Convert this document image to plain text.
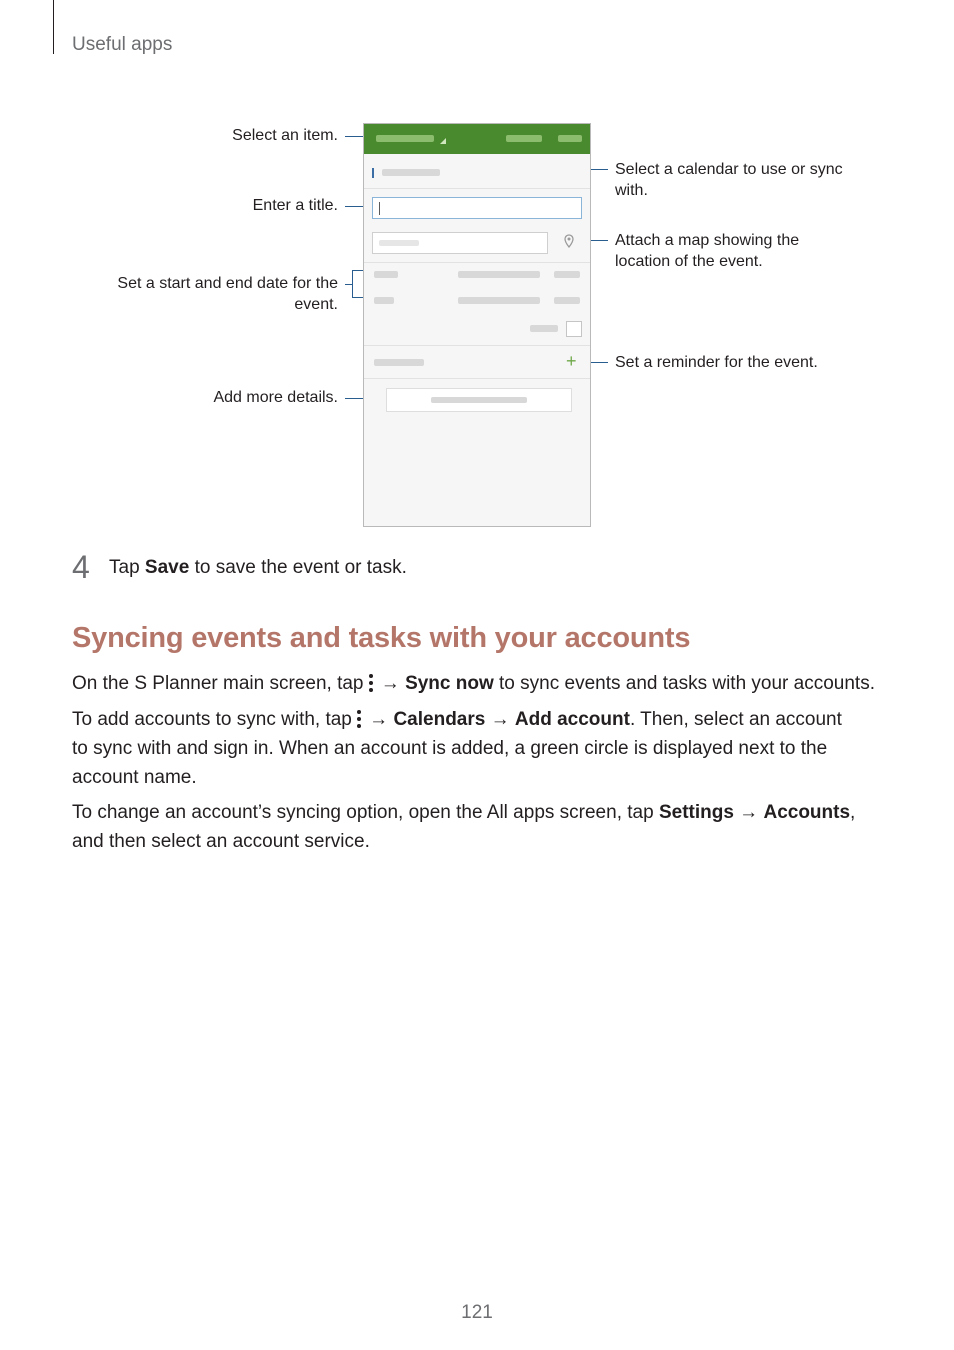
Useful apps
Select an item.
Enter a title.
Set a start and end date for the
event.
Add more details.
Select a calendar to use or sync
with.
Attach a map showing the
location of the event.
Set a reminder for the event.
+
4 Tap Save to save the event or task.
Syncing events and tasks with your accounts
On the S Planner main screen, tap
→ Sync now to sync events and tasks with your accounts.
To add accounts to sync with, tap
→ Calendars → Add account. Then, select an account
to sync with and sign in. When an account is added, a green circle is displayed next to the
account name.
To change an account’s syncing option, open the All apps screen, tap Settings → Accounts,
and then select an account service.
121
